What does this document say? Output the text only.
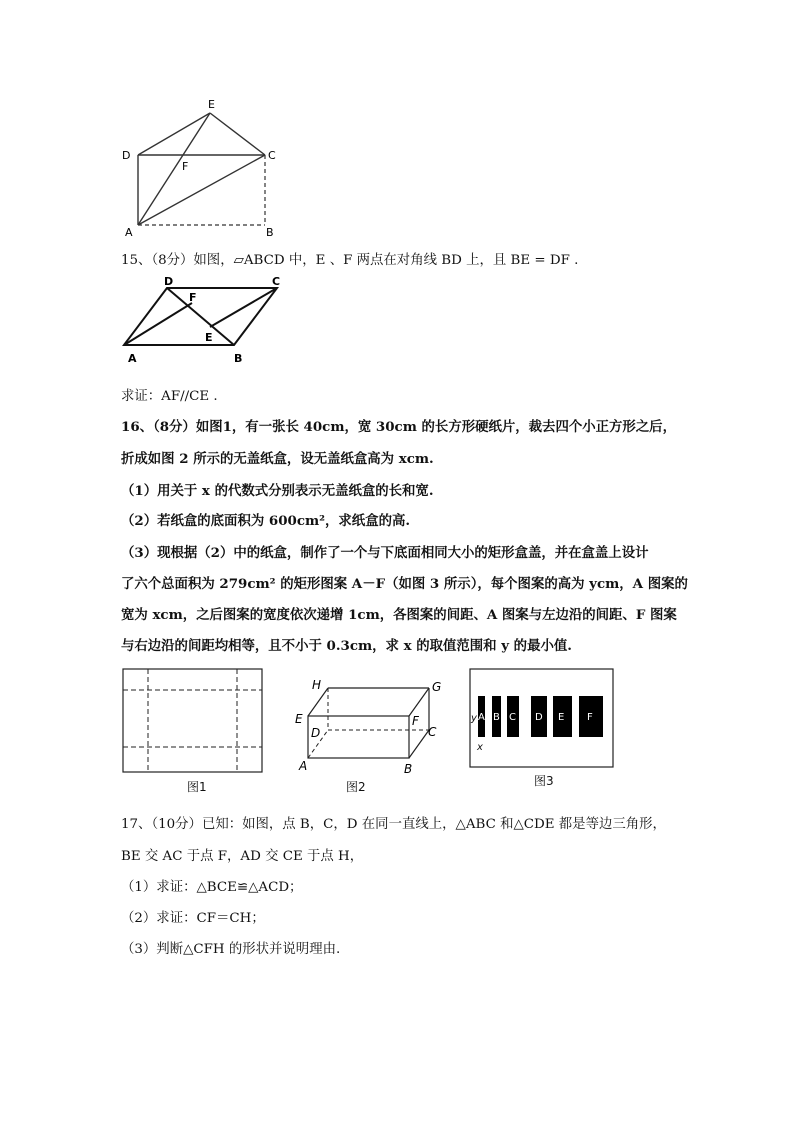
E
D	C
F
A	B
15、（8分）如图，▱ABCD 中，E 、F 两点在对角线 BD 上，且 BE = DF .
D	C
F
E
A	B
求证：AF//CE .
16、（8分）如图1，有一张长 40cm，宽 30cm 的长方形硬纸片，裁去四个小正方形之后，
折成如图 2 所示的无盖纸盒，设无盖纸盒高为 xcm.
（1）用关于 x 的代数式分别表示无盖纸盒的长和宽.
（2）若纸盒的底面积为 600cm²，求纸盒的高.
（3）现根据（2）中的纸盒，制作了一个与下底面相同大小的矩形盒盖，并在盒盖上设计
了六个总面积为 279cm² 的矩形图案 A－F（如图 3 所示），每个图案的高为 ycm，A 图案的
宽为 xcm，之后图案的宽度依次递增 1cm，各图案的间距、A 图案与左边沿的间距、F 图案
与右边沿的间距均相等，且不小于 0.3cm，求 x 的取值范围和 y 的最小值.
图1
H	G
E	F
D	C
A	B
图2
A B C D E F
y
x
图3
17、（10分）已知：如图，点 B，C，D 在同一直线上，△ABC 和△CDE 都是等边三角形，
BE 交 AC 于点 F，AD 交 CE 于点 H，
（1）求证：△BCE≌△ACD；
（2）求证：CF＝CH；
（3）判断△CFH 的形状并说明理由.
